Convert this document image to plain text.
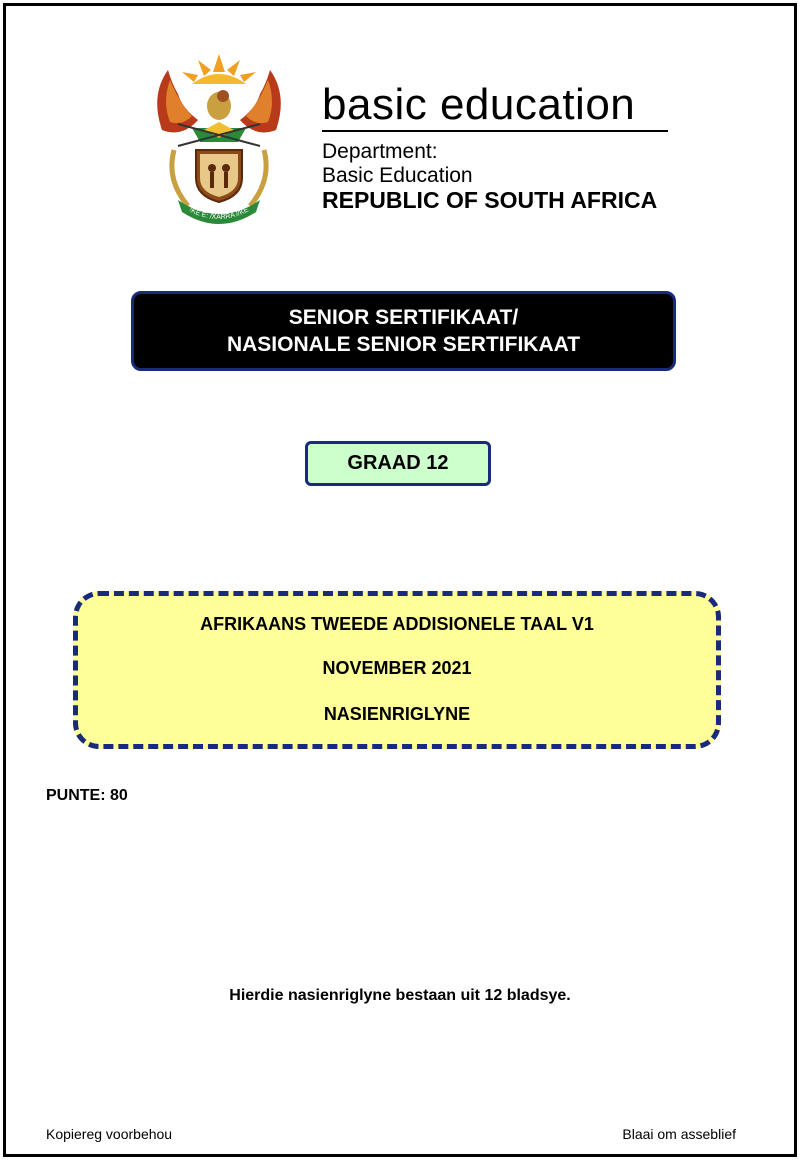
!KE E: /XARRA //KE
basic education
Department:
Basic Education
REPUBLIC OF SOUTH AFRICA
SENIOR SERTIFIKAAT/
NASIONALE SENIOR SERTIFIKAAT
GRAAD 12
AFRIKAANS TWEEDE ADDISIONELE TAAL V1
NOVEMBER 2021
NASIENRIGLYNE
PUNTE: 80
Hierdie nasienriglyne bestaan uit 12 bladsye.
Kopiereg voorbehou	Blaai om asseblief
